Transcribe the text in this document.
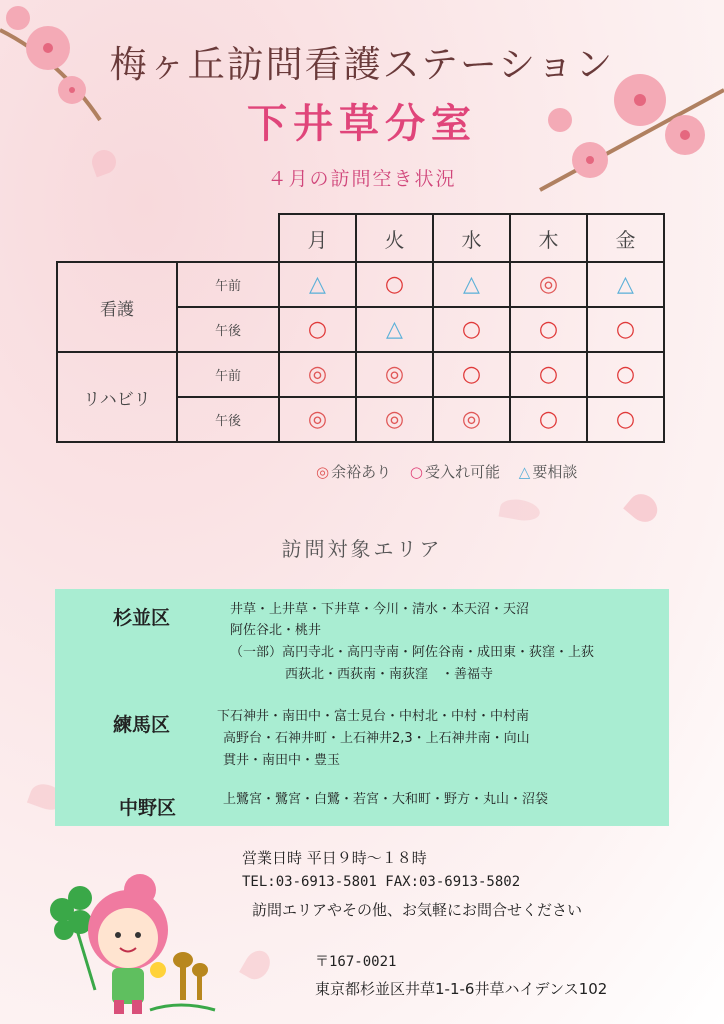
梅ヶ丘訪問看護ステーション
下井草分室
４月の訪問空き状況
		月	火	水	木	金
看護	午前	△	○	△	◎	△
	午後	○	△	○	○	○
リハビリ	午前	◎	◎	○	○	○
	午後	◎	◎	◎	○	○
◎ 余裕あり ○ 受入れ可能 △ 要相談
訪問対象エリア
杉並区	井草・上井草・下井草・今川・清水・本天沼・天沼
阿佐谷北・桃井
（一部）高円寺北・高円寺南・阿佐谷南・成田東・荻窪・上荻
西荻北・西荻南・南荻窪　・善福寺
練馬区	下石神井・南田中・富士見台・中村北・中村・中村南
高野台・石神井町・上石神井2,3・上石神井南・向山
貫井・南田中・豊玉
中野区	上鷺宮・鷺宮・白鷺・若宮・大和町・野方・丸山・沼袋
営業日時 平日９時～１８時
TEL:03-6913-5801 FAX:03-6913-5802
訪問エリアやその他、お気軽にお問合せください
〒167-0021
東京都杉並区井草1-1-6井草ハイデンス102
